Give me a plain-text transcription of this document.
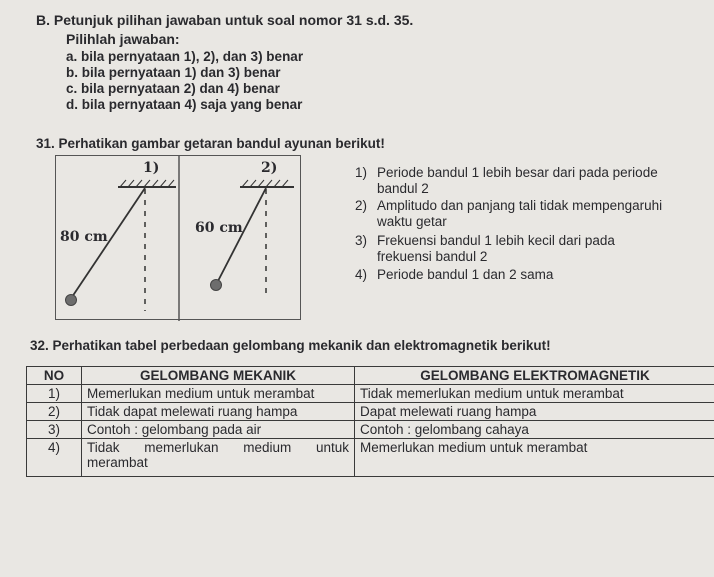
B. Petunjuk pilihan jawaban untuk soal nomor 31 s.d. 35.
Pilihlah jawaban:
a. bila pernyataan 1), 2), dan 3) benar
b. bila pernyataan 1) dan 3) benar
c. bila pernyataan 2) dan 4) benar
d. bila pernyataan 4) saja yang benar
31. Perhatikan gambar getaran bandul ayunan berikut!
1)	2)
80 cm
60 cm
1) Periode bandul 1 lebih besar dari pada periode
bandul 2
2) Amplitudo dan panjang tali tidak mempengaruhi
waktu getar
3) Frekuensi bandul 1 lebih kecil dari pada
frekuensi bandul 2
4) Periode bandul 1 dan 2 sama
32. Perhatikan tabel perbedaan gelombang mekanik dan elektromagnetik berikut!
NO	GELOMBANG MEKANIK	GELOMBANG ELEKTROMAGNETIK
1)	Memerlukan medium untuk merambat	Tidak memerlukan medium untuk merambat
2)	Tidak dapat melewati ruang hampa	Dapat melewati ruang hampa
3)	Contoh : gelombang pada air	Contoh : gelombang cahaya
4)	Tidak memerlukan medium untuk merambat	Memerlukan medium untuk merambat
